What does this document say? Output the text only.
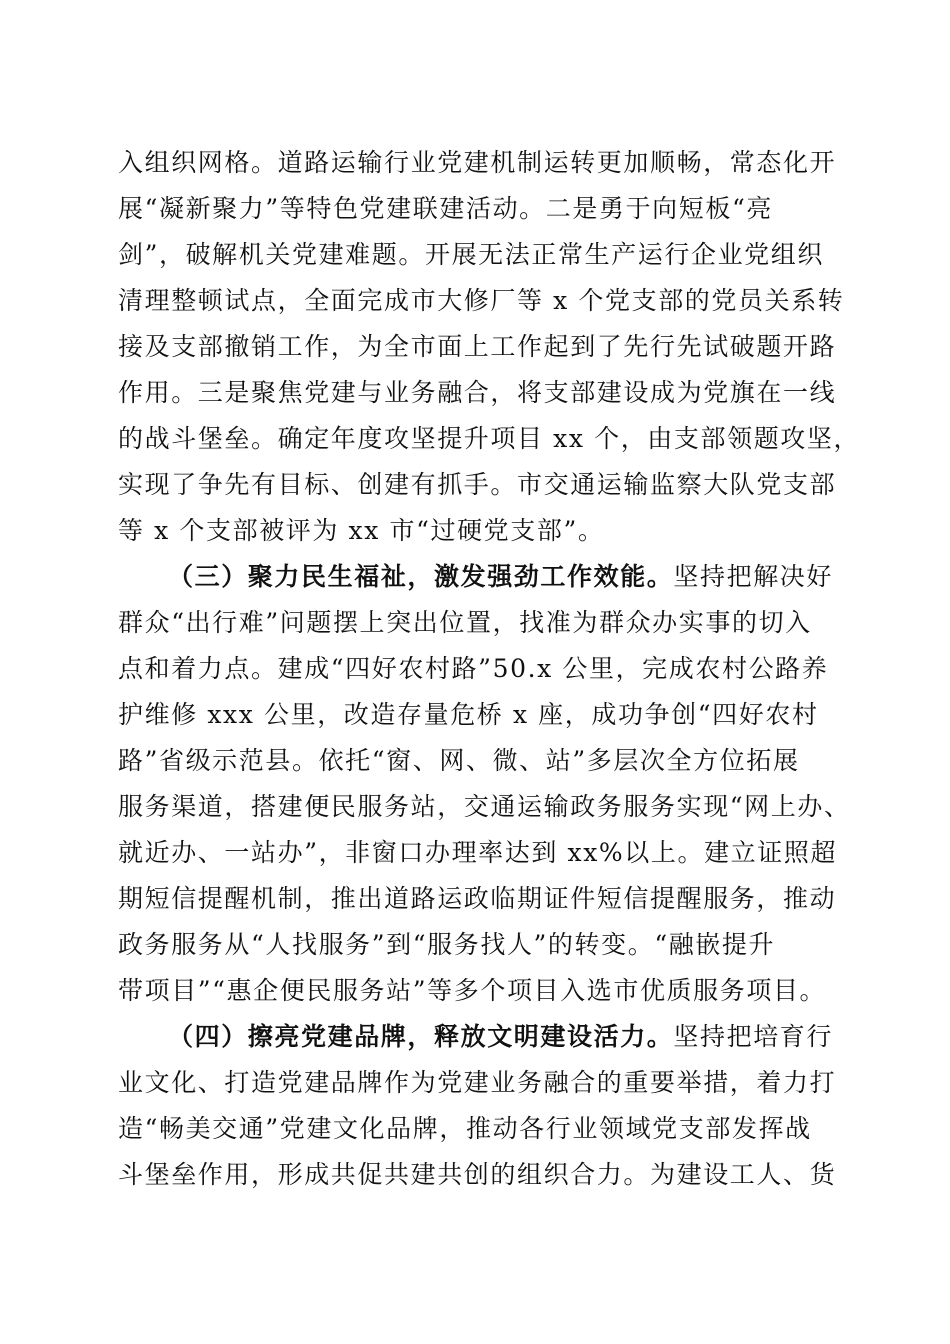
入组织网格。道路运输行业党建机制运转更加顺畅，常态化开
展“凝新聚力”等特色党建联建活动。二是勇于向短板“亮
剑”，破解机关党建难题。开展无法正常生产运行企业党组织
清理整顿试点，全面完成市大修厂等 x 个党支部的党员关系转
接及支部撤销工作，为全市面上工作起到了先行先试破题开路
作用。三是聚焦党建与业务融合，将支部建设成为党旗在一线
的战斗堡垒。确定年度攻坚提升项目 xx 个，由支部领题攻坚，
实现了争先有目标、创建有抓手。市交通运输监察大队党支部
等 x 个支部被评为 xx 市“过硬党支部”。
（三）聚力民生福祉，激发强劲工作效能。坚持把解决好
群众“出行难”问题摆上突出位置，找准为群众办实事的切入
点和着力点。建成“四好农村路”50.x 公里，完成农村公路养
护维修 xxx 公里，改造存量危桥 x 座，成功争创“四好农村
路”省级示范县。依托“窗、网、微、站”多层次全方位拓展
服务渠道，搭建便民服务站，交通运输政务服务实现“网上办、
就近办、一站办”，非窗口办理率达到 xx%以上。建立证照超
期短信提醒机制，推出道路运政临期证件短信提醒服务，推动
政务服务从“人找服务”到“服务找人”的转变。“融嵌提升
带项目”“惠企便民服务站”等多个项目入选市优质服务项目。
（四）擦亮党建品牌，释放文明建设活力。坚持把培育行
业文化、打造党建品牌作为党建业务融合的重要举措，着力打
造“畅美交通”党建文化品牌，推动各行业领域党支部发挥战
斗堡垒作用，形成共促共建共创的组织合力。为建设工人、货
